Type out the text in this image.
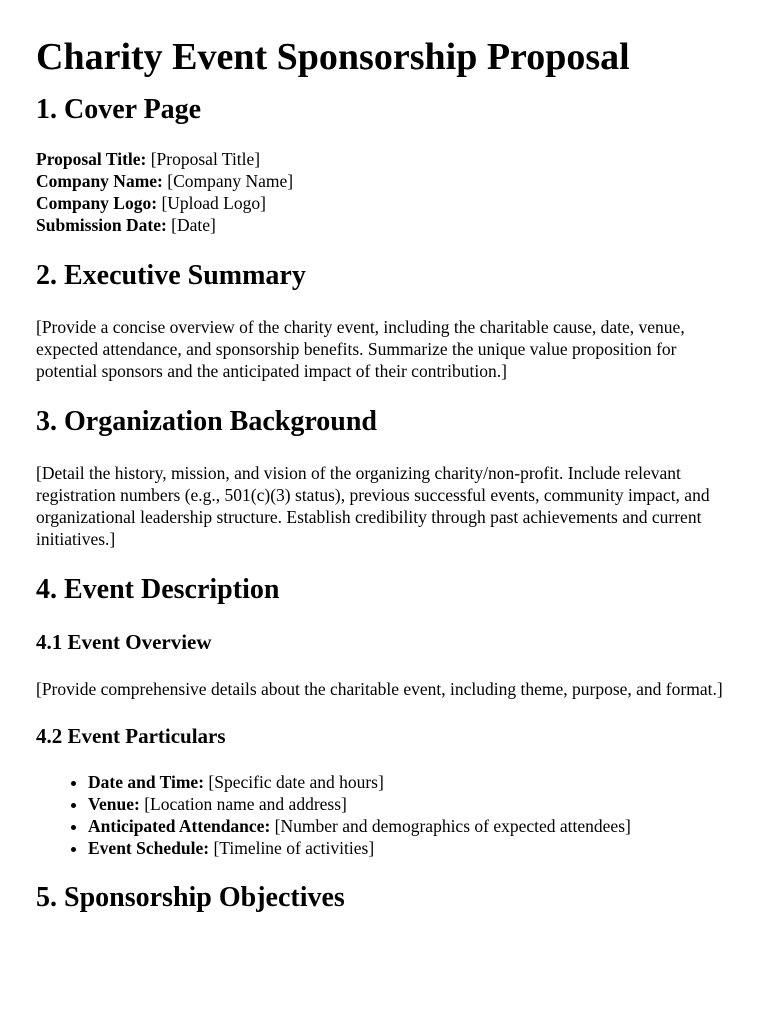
Charity Event Sponsorship Proposal
1. Cover Page
Proposal Title: [Proposal Title]
Company Name: [Company Name]
Company Logo: [Upload Logo]
Submission Date: [Date]
2. Executive Summary

[Provide a concise overview of the charity event, including the charitable cause, date, venue, expected attendance, and sponsorship benefits. Summarize the unique value proposition for potential sponsors and the anticipated impact of their contribution.]

3. Organization Background

[Detail the history, mission, and vision of the organizing charity/non-profit. Include relevant registration numbers (e.g., 501(c)(3) status), previous successful events, community impact, and organizational leadership structure. Establish credibility through past achievements and current initiatives.]

4. Event Description
4.1 Event Overview

[Provide comprehensive details about the charitable event, including theme, purpose, and format.]

4.2 Event Particulars
• Date and Time: [Specific date and hours]
• Venue: [Location name and address]
• Anticipated Attendance: [Number and demographics of expected attendees]
• Event Schedule: [Timeline of activities]
5. Sponsorship Objectives
